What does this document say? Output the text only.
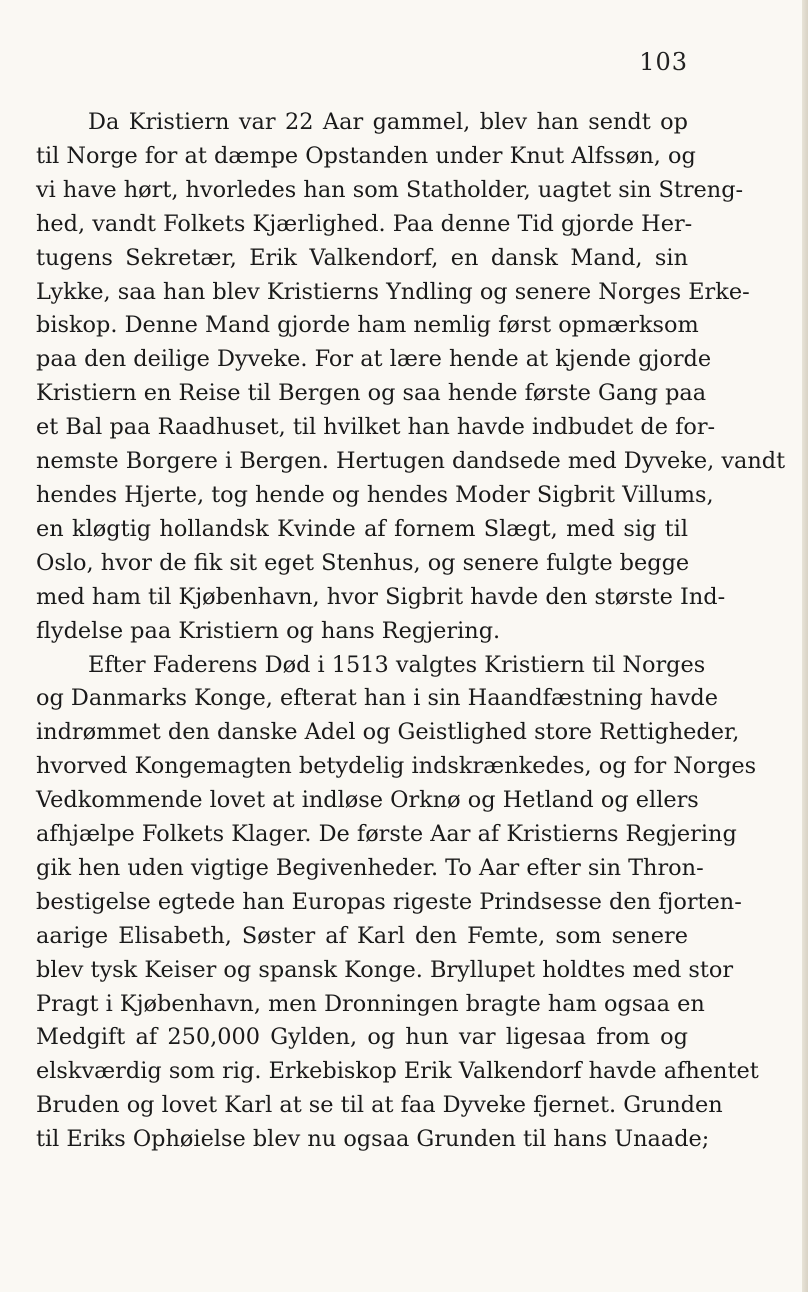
103
Da Kristiern var 22 Aar gammel, blev han sendt op
til Norge for at dæmpe Opstanden under Knut Alfssøn, og
vi have hørt, hvorledes han som Statholder, uagtet sin Streng-
hed, vandt Folkets Kjærlighed. Paa denne Tid gjorde Her-
tugens Sekretær, Erik Valkendorf, en dansk Mand, sin
Lykke, saa han blev Kristierns Yndling og senere Norges Erke-
biskop. Denne Mand gjorde ham nemlig først opmærksom
paa den deilige Dyveke. For at lære hende at kjende gjorde
Kristiern en Reise til Bergen og saa hende første Gang paa
et Bal paa Raadhuset, til hvilket han havde indbudet de for-
nemste Borgere i Bergen. Hertugen dandsede med Dyveke, vandt
hendes Hjerte, tog hende og hendes Moder Sigbrit Villums,
en kløgtig hollandsk Kvinde af fornem Slægt, med sig til
Oslo, hvor de fik sit eget Stenhus, og senere fulgte begge
med ham til Kjøbenhavn, hvor Sigbrit havde den største Ind-
flydelse paa Kristiern og hans Regjering.
Efter Faderens Død i 1513 valgtes Kristiern til Norges
og Danmarks Konge, efterat han i sin Haandfæstning havde
indrømmet den danske Adel og Geistlighed store Rettigheder,
hvorved Kongemagten betydelig indskrænkedes, og for Norges
Vedkommende lovet at indløse Orknø og Hetland og ellers
afhjælpe Folkets Klager. De første Aar af Kristierns Regjering
gik hen uden vigtige Begivenheder. To Aar efter sin Thron-
bestigelse egtede han Europas rigeste Prindsesse den fjorten-
aarige Elisabeth, Søster af Karl den Femte, som senere
blev tysk Keiser og spansk Konge. Bryllupet holdtes med stor
Pragt i Kjøbenhavn, men Dronningen bragte ham ogsaa en
Medgift af 250,000 Gylden, og hun var ligesaa from og
elskværdig som rig. Erkebiskop Erik Valkendorf havde afhentet
Bruden og lovet Karl at se til at faa Dyveke fjernet. Grunden
til Eriks Ophøielse blev nu ogsaa Grunden til hans Unaade;
